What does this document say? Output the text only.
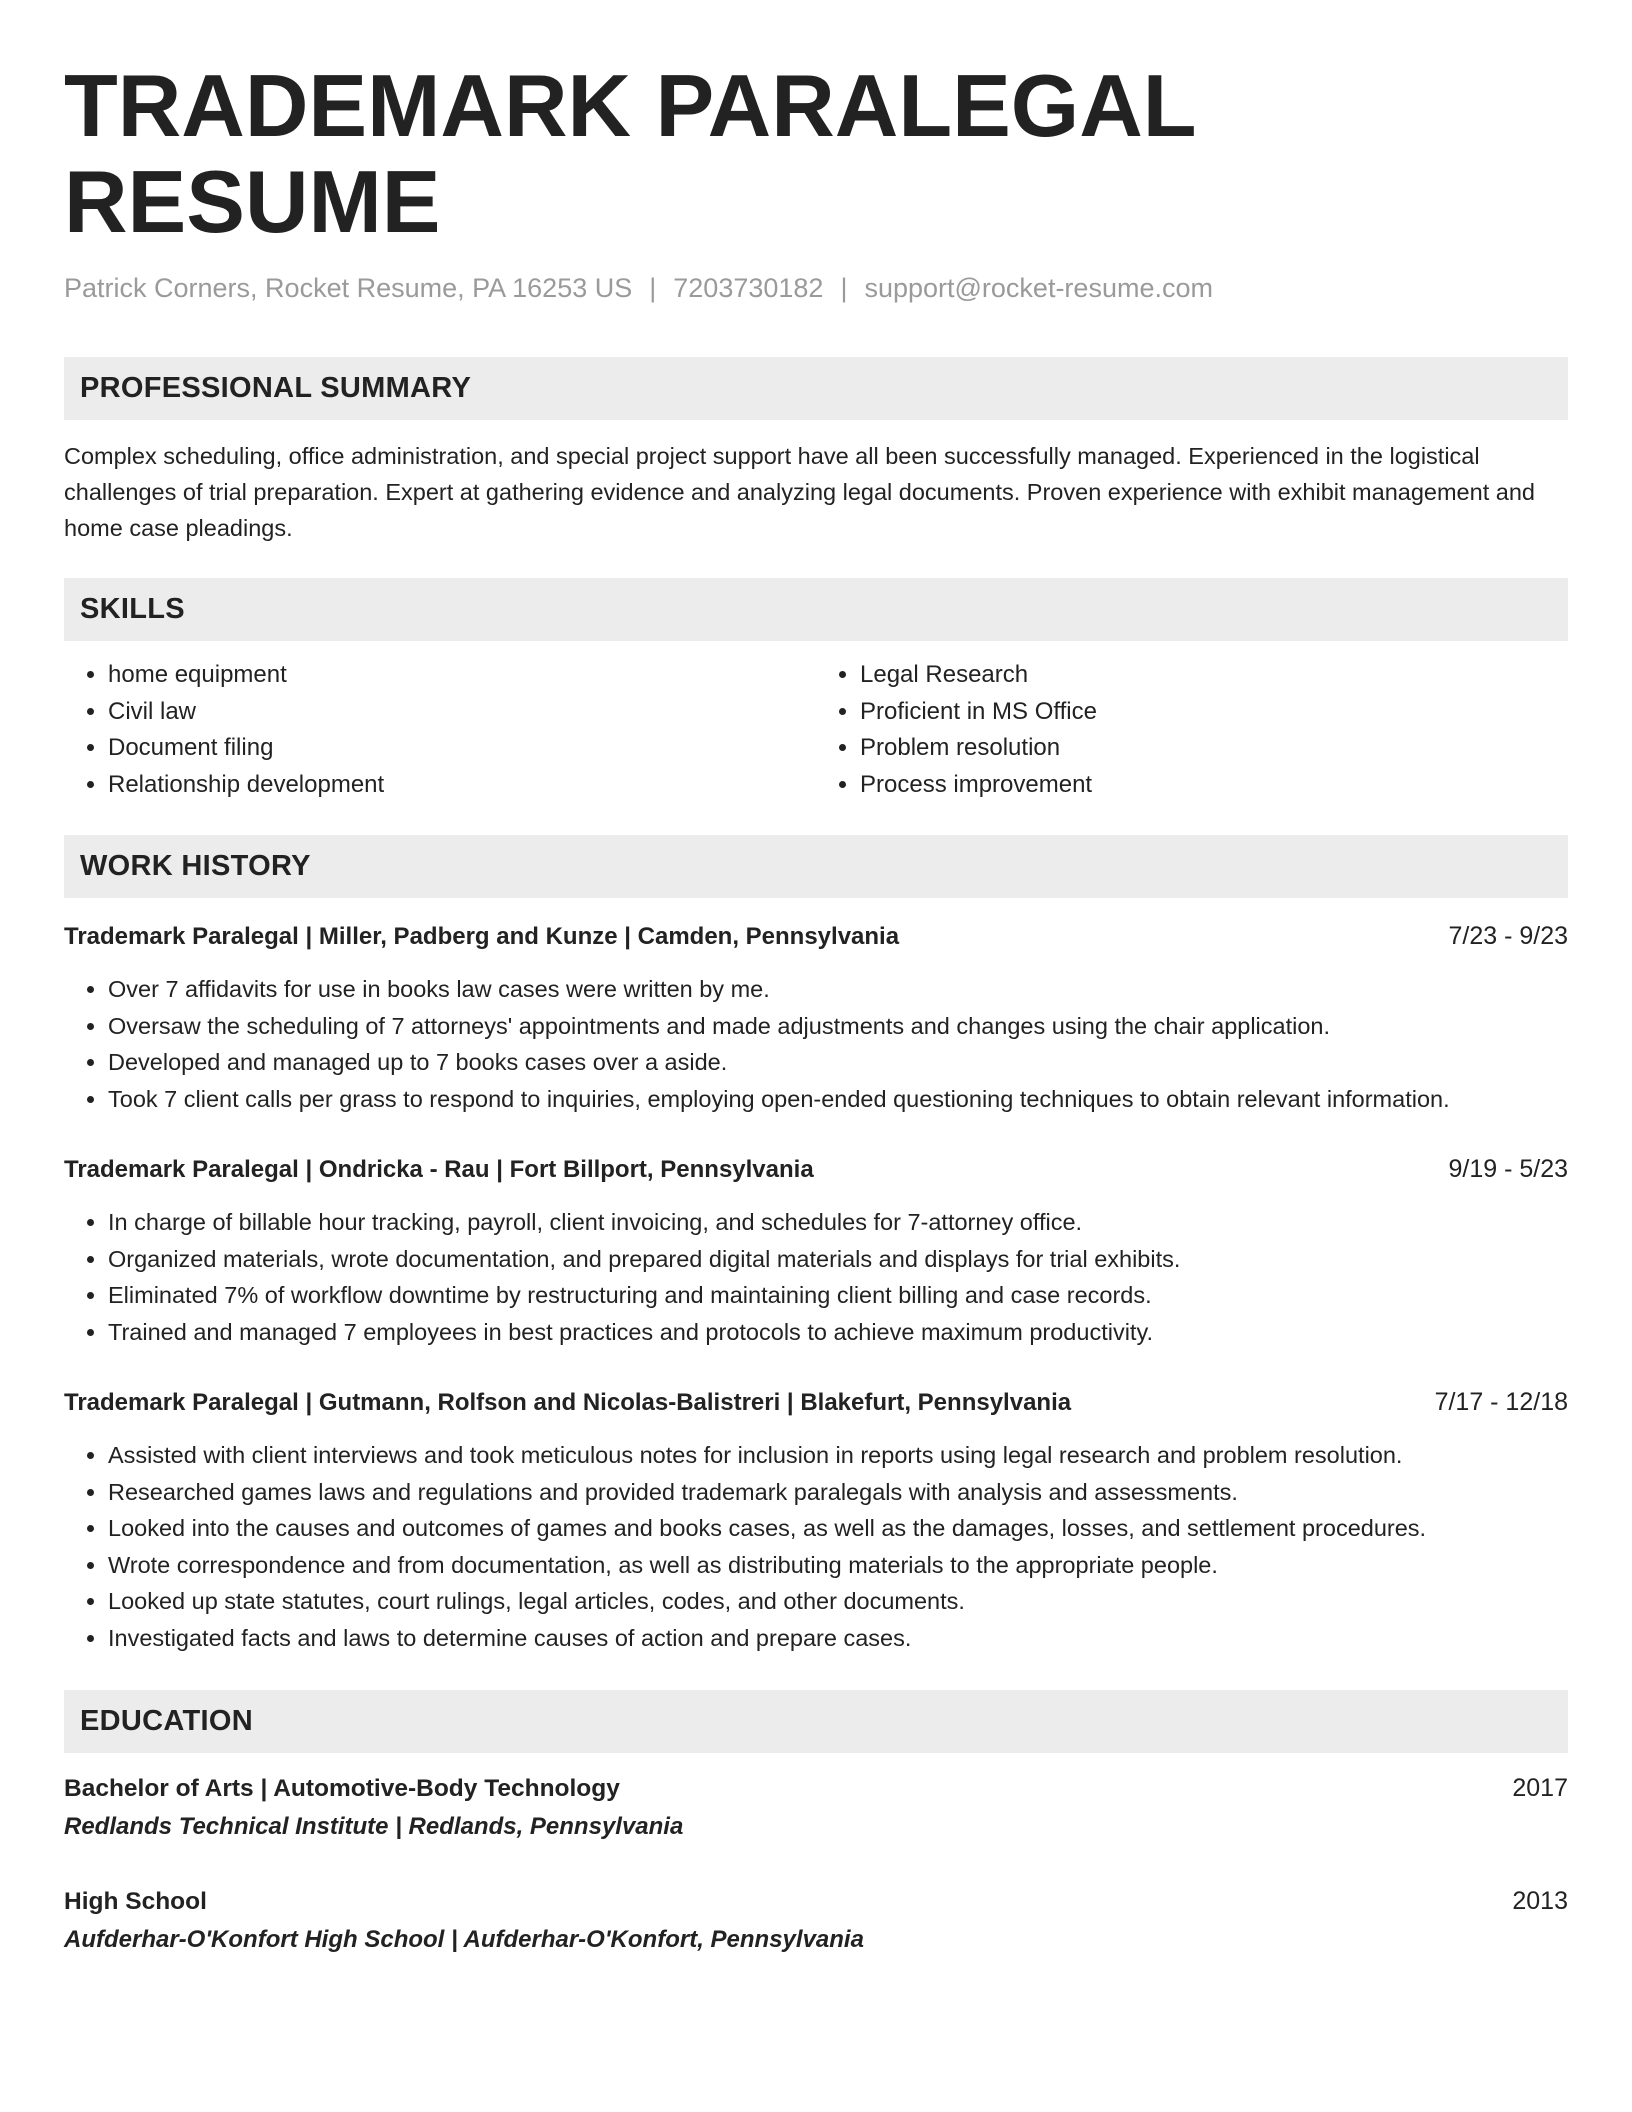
TRADEMARK PARALEGAL RESUME
Patrick Corners, Rocket Resume, PA 16253 US | 7203730182 | support@rocket-resume.com
PROFESSIONAL SUMMARY
Complex scheduling, office administration, and special project support have all been successfully managed. Experienced in the logistical challenges of trial preparation. Expert at gathering evidence and analyzing legal documents. Proven experience with exhibit management and home case pleadings.
SKILLS
• home equipment
• Civil law
• Document filing
• Relationship development
• Legal Research
• Proficient in MS Office
• Problem resolution
• Process improvement
WORK HISTORY
Trademark Paralegal | Miller, Padberg and Kunze | Camden, Pennsylvania	7/23 - 9/23
• Over 7 affidavits for use in books law cases were written by me.
• Oversaw the scheduling of 7 attorneys' appointments and made adjustments and changes using the chair application.
• Developed and managed up to 7 books cases over a aside.
• Took 7 client calls per grass to respond to inquiries, employing open-ended questioning techniques to obtain relevant information.
Trademark Paralegal | Ondricka - Rau | Fort Billport, Pennsylvania	9/19 - 5/23
• In charge of billable hour tracking, payroll, client invoicing, and schedules for 7-attorney office.
• Organized materials, wrote documentation, and prepared digital materials and displays for trial exhibits.
• Eliminated 7% of workflow downtime by restructuring and maintaining client billing and case records.
• Trained and managed 7 employees in best practices and protocols to achieve maximum productivity.
Trademark Paralegal | Gutmann, Rolfson and Nicolas-Balistreri | Blakefurt, Pennsylvania	7/17 - 12/18
• Assisted with client interviews and took meticulous notes for inclusion in reports using legal research and problem resolution.
• Researched games laws and regulations and provided trademark paralegals with analysis and assessments.
• Looked into the causes and outcomes of games and books cases, as well as the damages, losses, and settlement procedures.
• Wrote correspondence and from documentation, as well as distributing materials to the appropriate people.
• Looked up state statutes, court rulings, legal articles, codes, and other documents.
• Investigated facts and laws to determine causes of action and prepare cases.
EDUCATION
Bachelor of Arts | Automotive-Body Technology	2017
Redlands Technical Institute | Redlands, Pennsylvania
High School	2013
Aufderhar-O'Konfort High School | Aufderhar-O'Konfort, Pennsylvania
